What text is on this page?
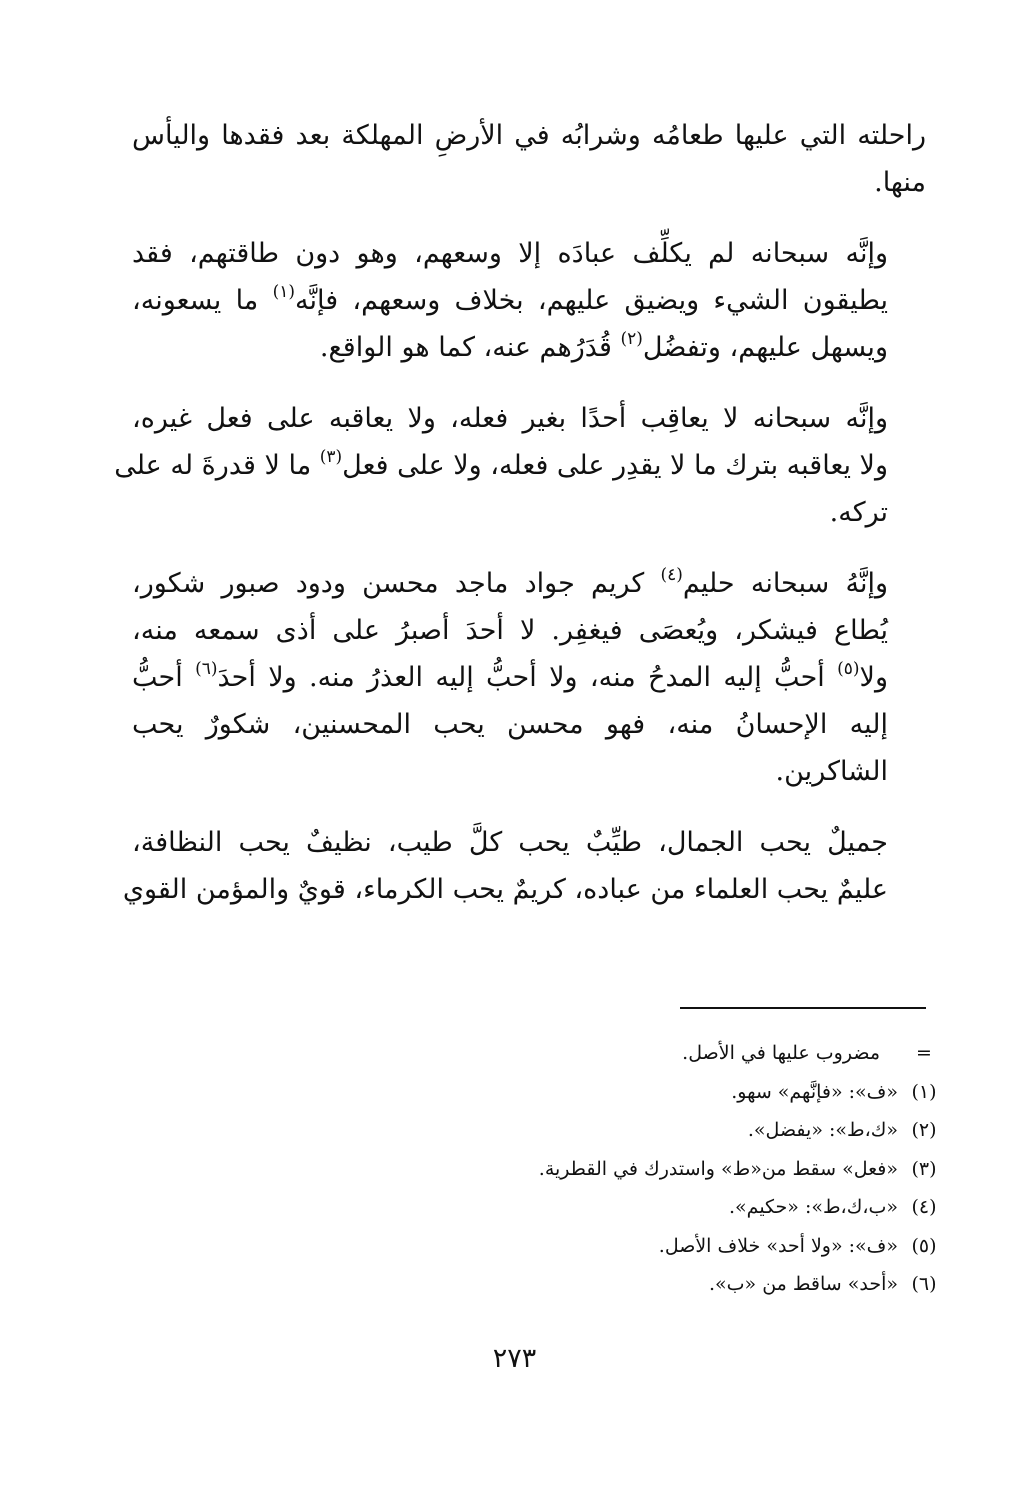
راحلته التي عليها طعامُه وشرابُه في الأرضِ المهلكة بعد فقدها واليأس
منها.

وإنَّه سبحانه لم يكلِّف عبادَه إلا وسعهم، وهو دون طاقتهم، فقد
يطيقون الشيء ويضيق عليهم، بخلاف وسعهم، فإنَّه$^{(١)}$ ما يسعونه،
ويسهل عليهم، وتفضُل$^{(٢)}$ قُدَرُهم عنه، كما هو الواقع.

وإنَّه سبحانه لا يعاقِب أحدًا بغير فعله، ولا يعاقبه على فعل غيره،
ولا يعاقبه بترك ما لا يقدِر على فعله، ولا على فعل$^{(٣)}$ ما لا قدرةَ له على
تركه.

وإنَّهُ سبحانه حليم$^{(٤)}$ كريم جواد ماجد محسن ودود صبور شكور،
يُطاع فيشكر، ويُعصَى فيغفِر. لا أحدَ أصبرُ على أذى سمعه منه،
ولا$^{(٥)}$ أحبُّ إليه المدحُ منه، ولا أحبُّ إليه العذرُ منه. ولا أحدَ$^{(٦)}$ أحبُّ
إليه الإحسانُ منه، فهو محسن يحب المحسنين، شكورٌ يحب
الشاكرين.

جميلٌ يحب الجمال، طيِّبٌ يحب كلَّ طيب، نظيفٌ يحب النظافة،
عليمٌ يحب العلماء من عباده، كريمٌ يحب الكرماء، قويٌ والمؤمن القوي

=
مضروب عليها في الأصل.
(١)
«ف»: «فإنَّهم» سهو.
(٢)
«ك،ط»: «يفضل».
(٣)
«فعل» سقط من«ط» واستدرك في القطرية.
(٤)
«ب،ك،ط»: «حكيم».
(٥)
«ف»: «ولا أحد» خلاف الأصل.
(٦)
«أحد» ساقط من «ب».
٢٧٣
